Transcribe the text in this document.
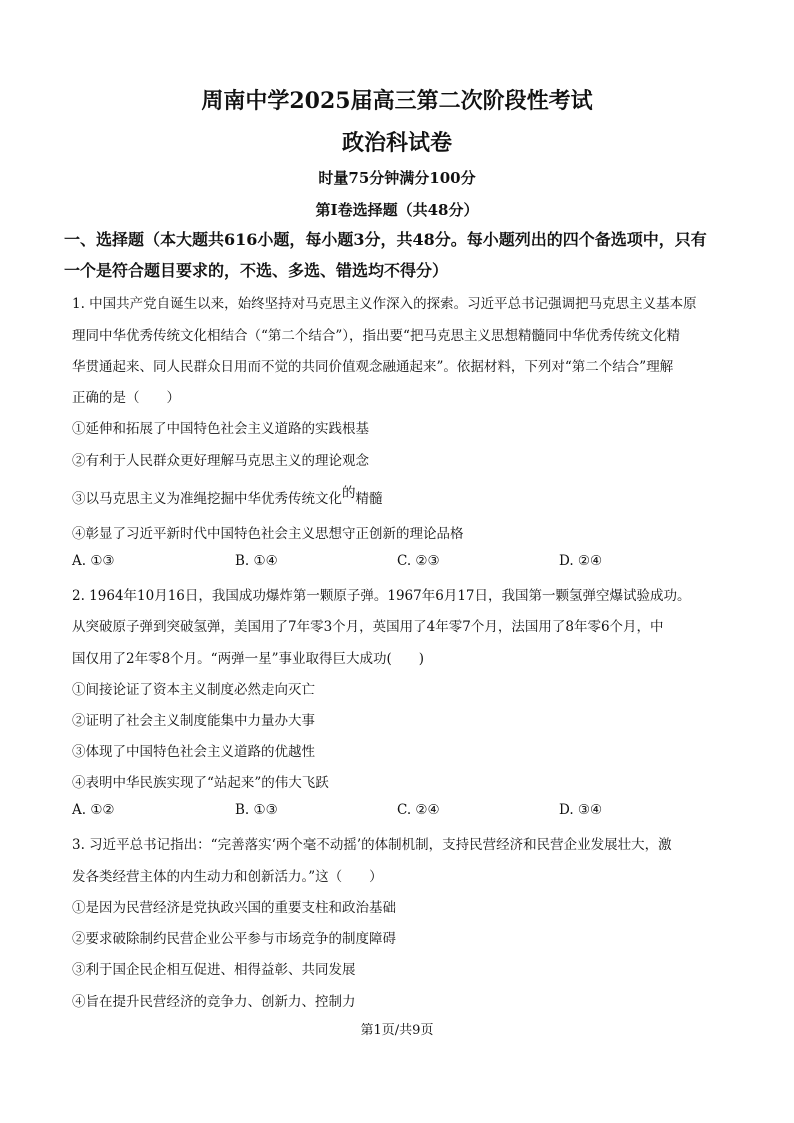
周南中学2025届高三第二次阶段性考试
政治科试卷
时量75分钟满分100分
第Ⅰ卷选择题（共48分）
一、选择题（本大题共616小题，每小题3分，共48分。每小题列出的四个备选项中，只有
一个是符合题目要求的，不选、多选、错选均不得分）
1. 中国共产党自诞生以来，始终坚持对马克思主义作深入的探索。习近平总书记强调把马克思主义基本原
理同中华优秀传统文化相结合（“第二个结合”），指出要“把马克思主义思想精髓同中华优秀传统文化精
华贯通起来、同人民群众日用而不觉的共同价值观念融通起来”。依据材料，下列对“第二个结合”理解
正确的是（　　）
①延伸和拓展了中国特色社会主义道路的实践根基
②有利于人民群众更好理解马克思主义的理论观念
③以马克思主义为准绳挖掘中华优秀传统文化的精髓
④彰显了习近平新时代中国特色社会主义思想守正创新的理论品格
A. ①③	B. ①④	C. ②③	D. ②④
2. 1964年10月16日，我国成功爆炸第一颗原子弹。1967年6月17日，我国第一颗氢弹空爆试验成功。
从突破原子弹到突破氢弹，美国用了7年零3个月，英国用了4年零7个月，法国用了8年零6个月，中
国仅用了2年零8个月。“两弹一星”事业取得巨大成功(　　)
①间接论证了资本主义制度必然走向灭亡
②证明了社会主义制度能集中力量办大事
③体现了中国特色社会主义道路的优越性
④表明中华民族实现了“站起来”的伟大飞跃
A. ①②	B. ①③	C. ②④	D. ③④
3. 习近平总书记指出：“完善落实‘两个毫不动摇’的体制机制，支持民营经济和民营企业发展壮大，激
发各类经营主体的内生动力和创新活力。”这（　　）
①是因为民营经济是党执政兴国的重要支柱和政治基础
②要求破除制约民营企业公平参与市场竞争的制度障碍
③利于国企民企相互促进、相得益彰、共同发展
④旨在提升民营经济的竞争力、创新力、控制力
第1页/共9页
